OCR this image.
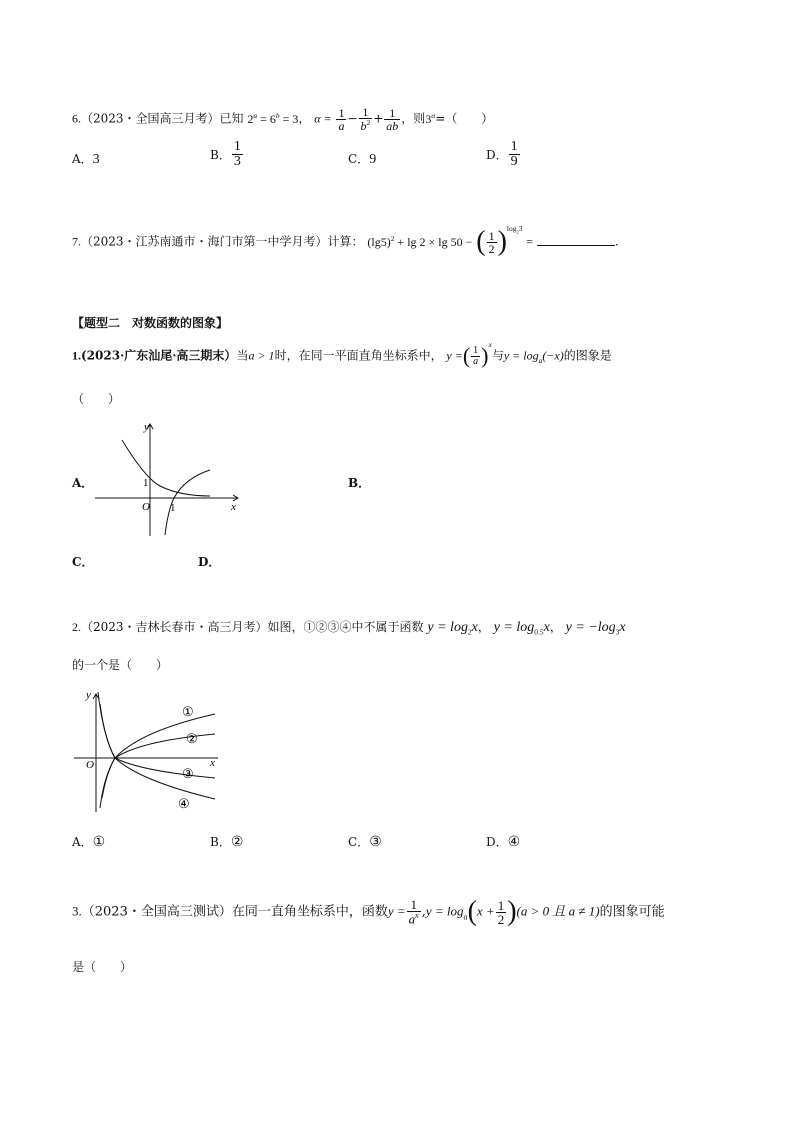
6.（2023・全国高三月考）已知 $2^a = 6^b = 3$， $\alpha = \frac{1}{a} - \frac{1}{b^2} + \frac{1}{ab}$ ，则$3^\alpha=$（　　）
A．3	B． $\frac{1}{3}$	C．9	D． $\frac{1}{9}$
7.（2023・江苏南通市・海门市第一中学月考）计算： $(\lg 5)^2 + \lg 2 \times \lg 50$ − ( $\frac{1}{2} )^{log_23}$ =	.
【题型二　对数函数的图象】
1.(2023·广东汕尾·高三期末）当a > 1时，在同一平面直角坐标系中， y =( $\frac{1}{a} )^x$与$y = \log_a(-x)$的图象是
（　　）
y
x
O
1
1
A．	B．
C．	D．
2.（2023・吉林长春市・高三月考）如图，①②③④中不属于函数 $y = \log_2x$， $y = \log_{0.5}x$， $y = -\log_3x$
的一个是（　　）
y
x
O
①
②
③
④
A．①	B．②	C．③	D．④
3.（2023・全国高三测试）在同一直角坐标系中，函数$y = \frac{1}{a^x} ,y = \log_a(x + \frac{1}{2} )(a > 0$ 且 a ≠ 1)的图象可能
是（　　）
